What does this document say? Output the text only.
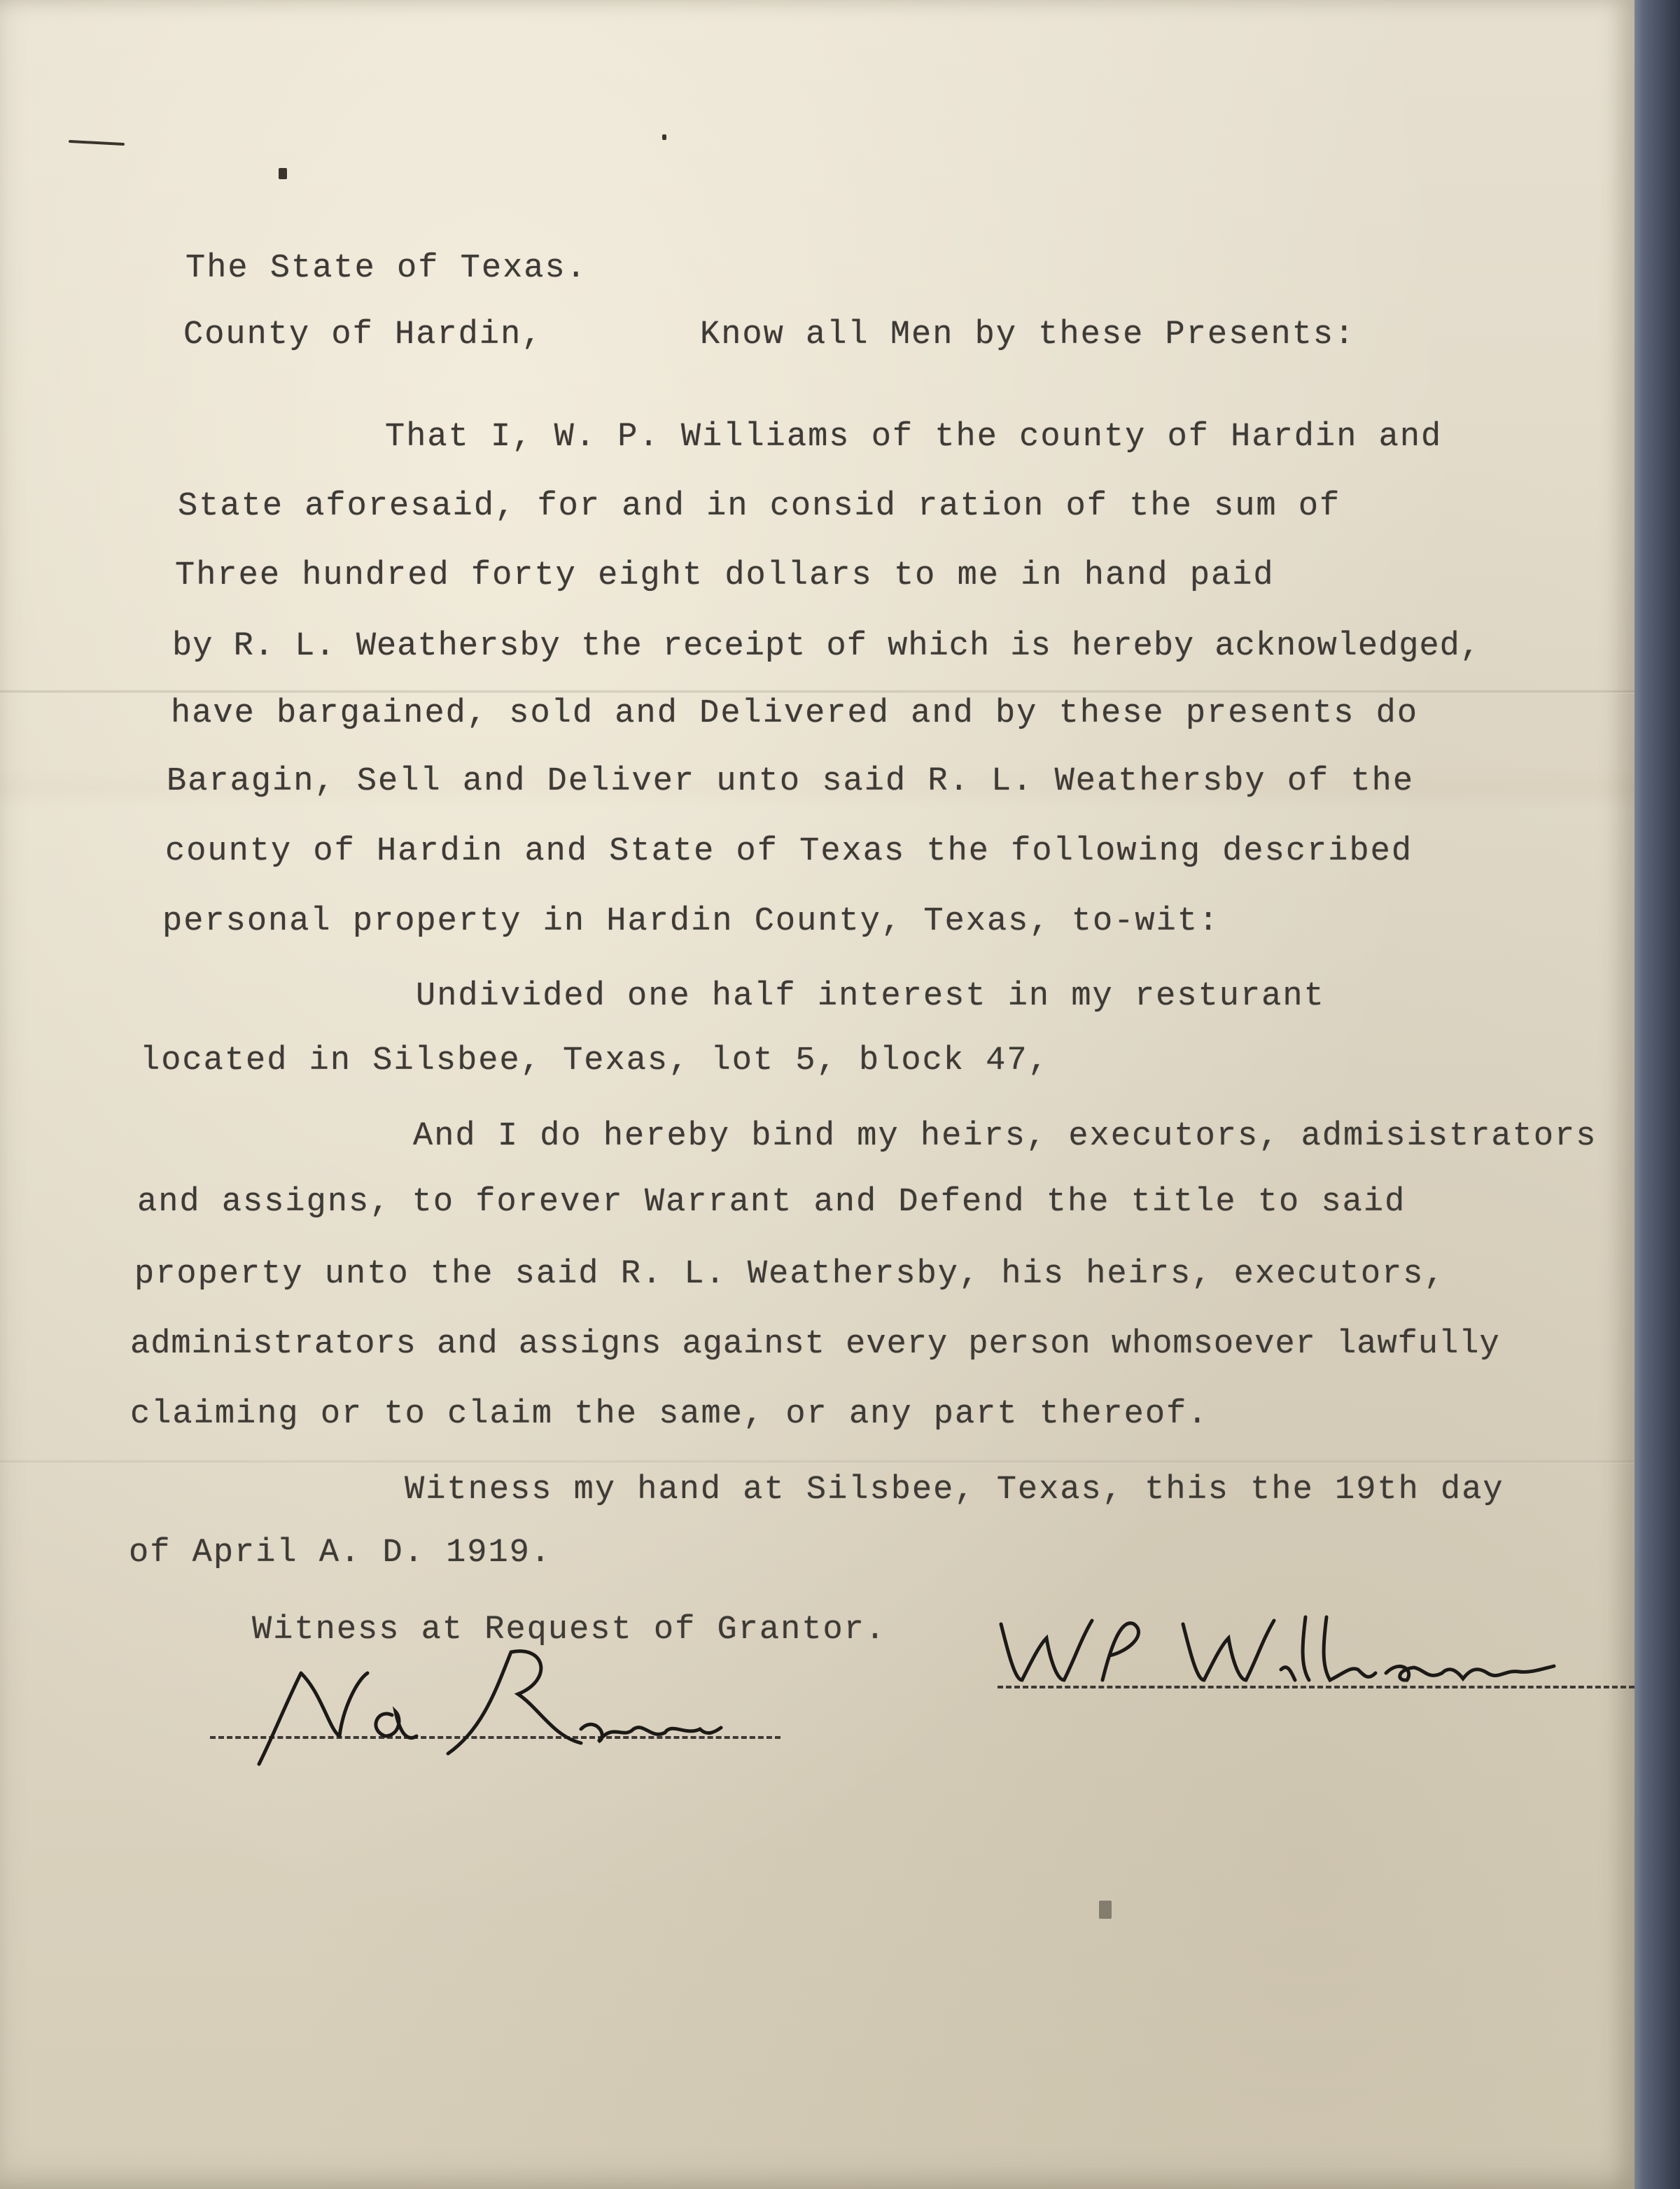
The State of Texas.

County of Hardin,	Know all Men by these Presents:

That I, W. P. Williams of the county of Hardin and

State aforesaid, for and in consid ration of the sum of

Three hundred forty eight dollars to me in hand paid

by R. L. Weathersby the receipt of which is hereby acknowledged,

have bargained, sold and Delivered and by these presents do

Baragin, Sell and Deliver unto said R. L. Weathersby of the

county of Hardin and State of Texas the following described

personal property in Hardin County, Texas, to-wit:

Undivided one half interest in my resturant

located in Silsbee, Texas, lot 5, block 47,

And I do hereby bind my heirs, executors, admisistrators

and assigns, to forever Warrant and Defend the title to said

property unto the said R. L. Weathersby, his heirs, executors,

administrators and assigns against every person whomsoever lawfully

claiming or to claim the same, or any part thereof.

Witness my hand at Silsbee, Texas, this the 19th day

of April A. D. 1919.

Witness at Request of Grantor.
